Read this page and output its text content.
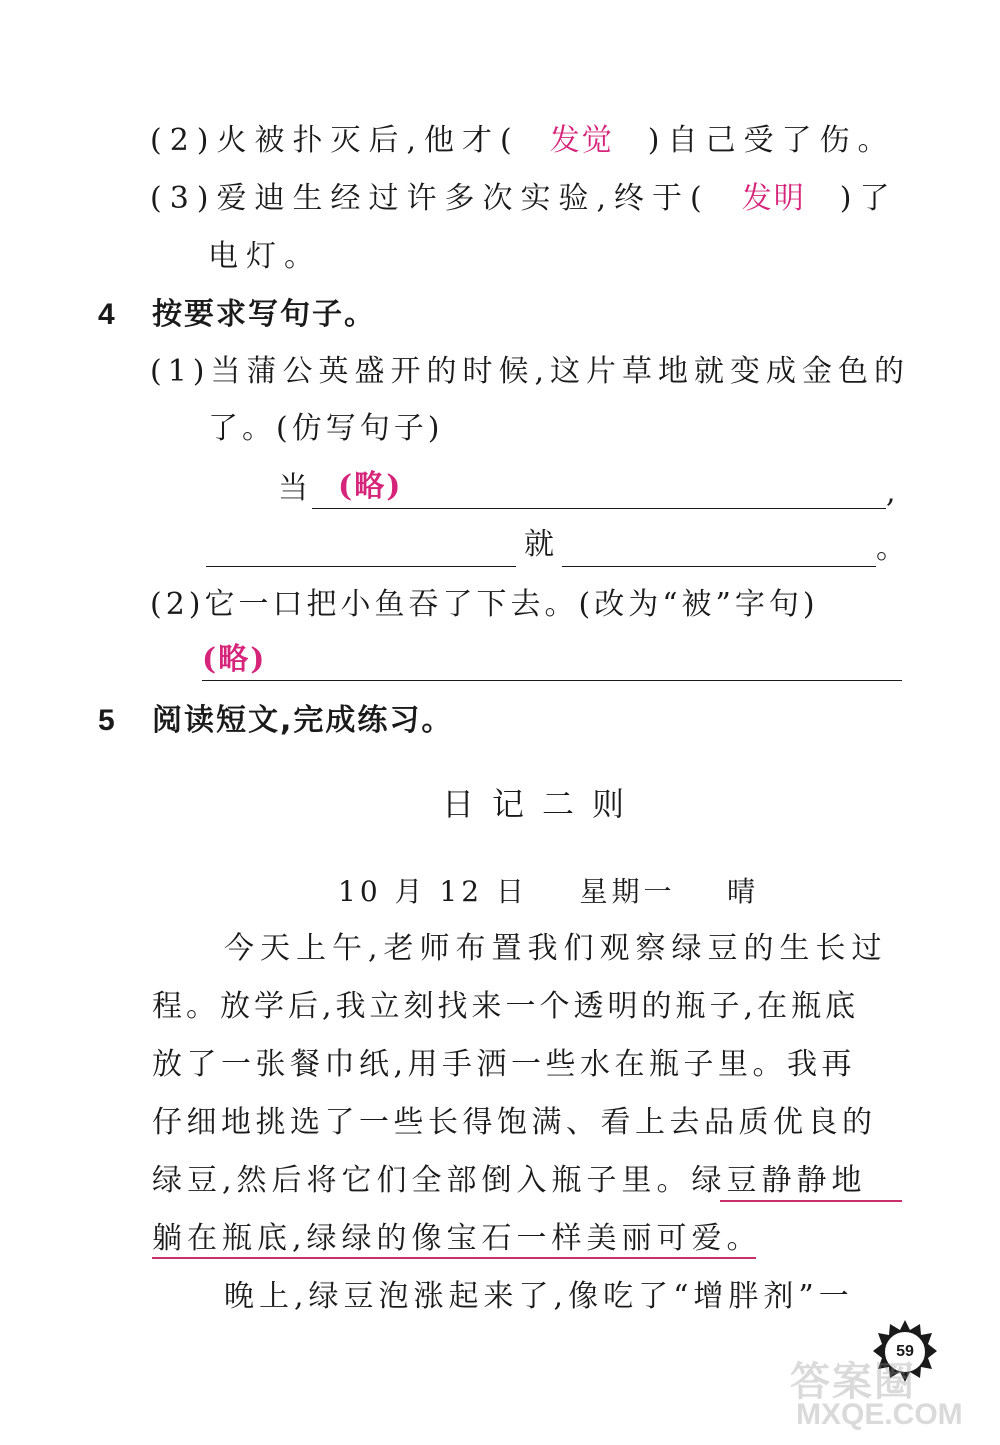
(2)火被扑灭后,他才( 发觉 )自己受了伤。
(3)爱迪生经过许多次实验,终于( 发明 )了
电灯。
4 按要求写句子。
(1)当蒲公英盛开的时候,这片草地就变成金色的
了。(仿写句子)
当 (略)	,
就	。
(2)它一口把小鱼吞了下去。(改为“被”字句)
(略)
5 阅读短文,完成练习。
日记二则
10 月 12 日    星期一    晴
今天上午,老师布置我们观察绿豆的生长过
程。放学后,我立刻找来一个透明的瓶子,在瓶底
放了一张餐巾纸,用手洒一些水在瓶子里。我再
仔细地挑选了一些长得饱满、看上去品质优良的
绿豆,然后将它们全部倒入瓶子里。绿豆静静地
躺在瓶底,绿绿的像宝石一样美丽可爱。
晚上,绿豆泡涨起来了,像吃了“增胖剂”一
59
答案圈
MXQE.COM
